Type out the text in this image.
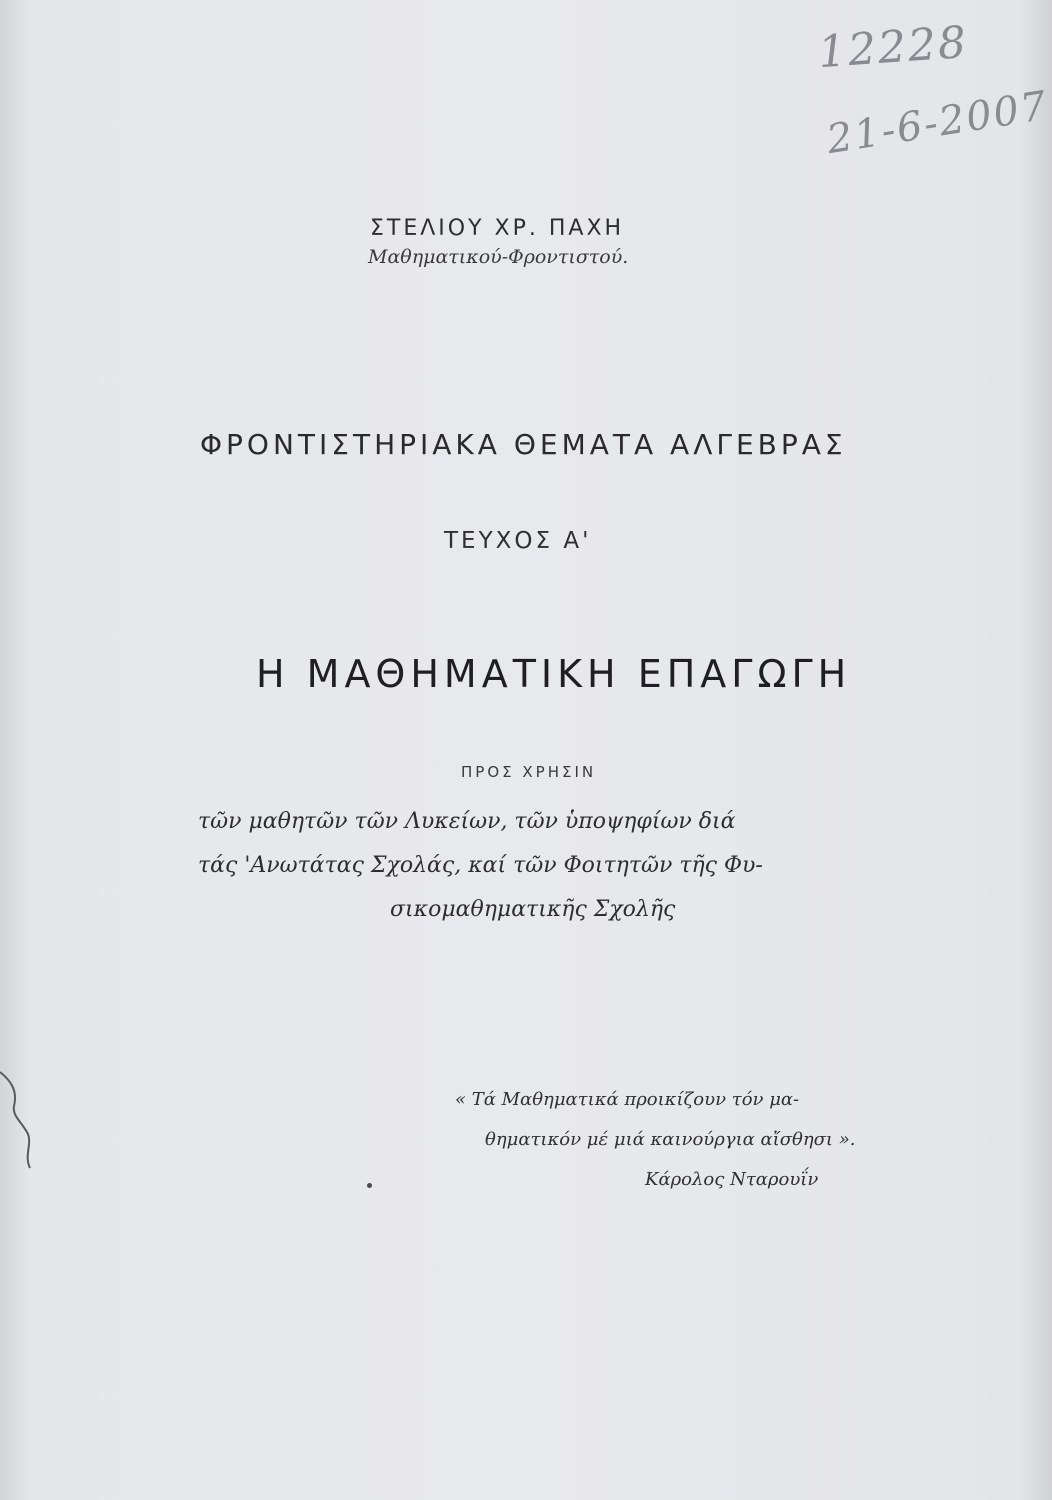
12228
21-6-2007
ΣΤΕΛΙΟΥ ΧΡ. ΠΑΧΗ
Μαθηματικού-Φροντιστού.
ΦΡΟΝΤΙΣΤΗΡΙΑΚΑ ΘΕΜΑΤΑ ΑΛΓΕΒΡΑΣ
ΤΕΥΧΟΣ Α'
Η ΜΑΘΗΜΑΤΙΚΗ ΕΠΑΓΩΓΗ
ΠΡΟΣ ΧΡΗΣΙΝ
τῶν μαθητῶν τῶν Λυκείων, τῶν ὑποψηφίων διά
τάς 'Ανωτάτας Σχολάς, καί τῶν Φοιτητῶν τῆς Φυ-
σικομαθηματικῆς Σχολῆς
« Τά Μαθηματικά προικίζουν τόν μα-
θηματικόν μέ μιά καινούργια αἴσθησι ».
Κάρολος Νταρουΐν
